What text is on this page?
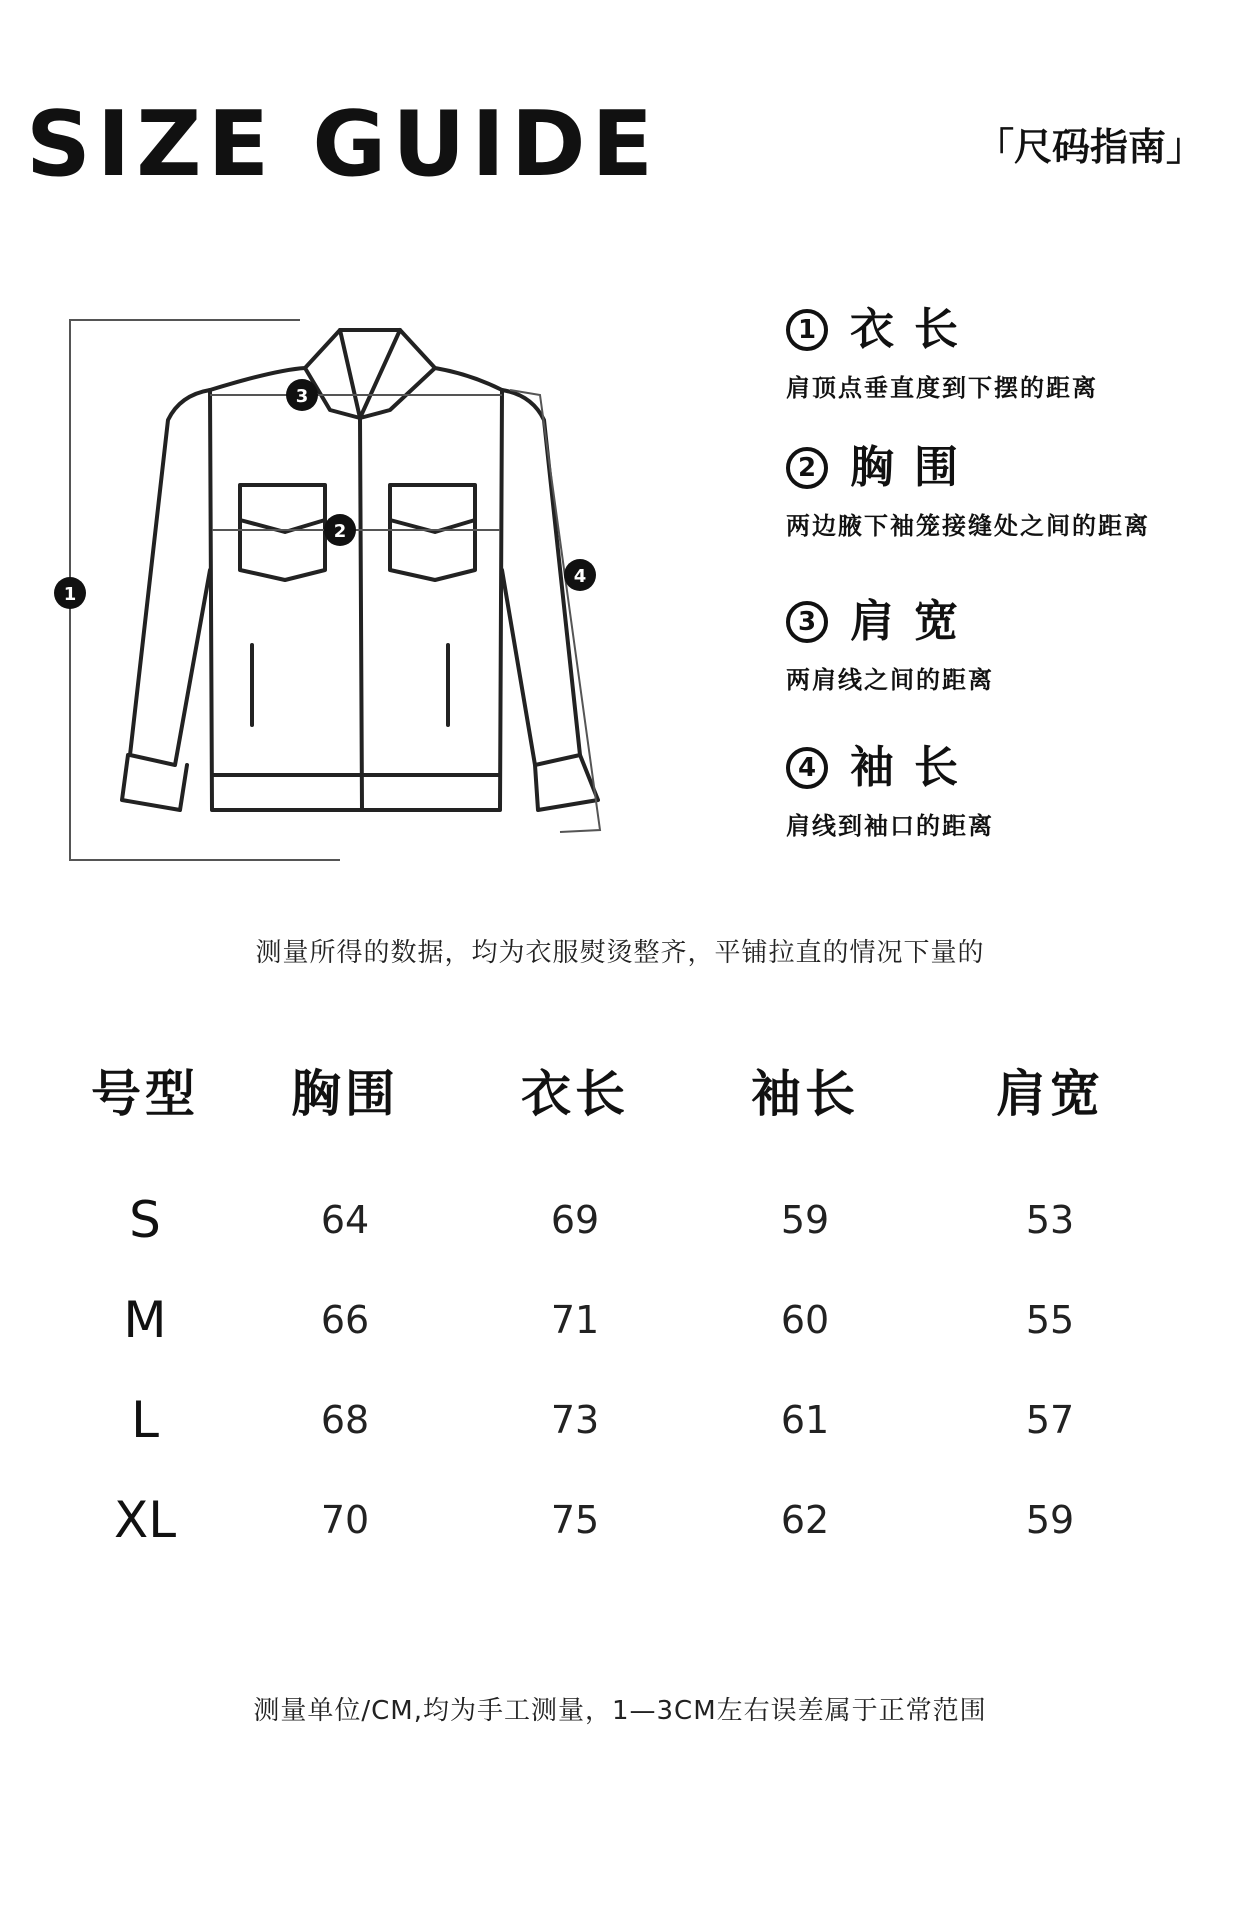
SIZE GUIDE	「尺码指南」
1
2
3
4
1 衣长
肩顶点垂直度到下摆的距离
2 胸围
两边腋下袖笼接缝处之间的距离
3 肩宽
两肩线之间的距离
4 袖长
肩线到袖口的距离
测量所得的数据，均为衣服熨烫整齐，平铺拉直的情况下量的
号型	胸围	衣长	袖长	肩宽
S	64	69	59	53
M	66	71	60	55
L	68	73	61	57
XL	70	75	62	59
测量单位/CM,均为手工测量，1—3CM左右误差属于正常范围
